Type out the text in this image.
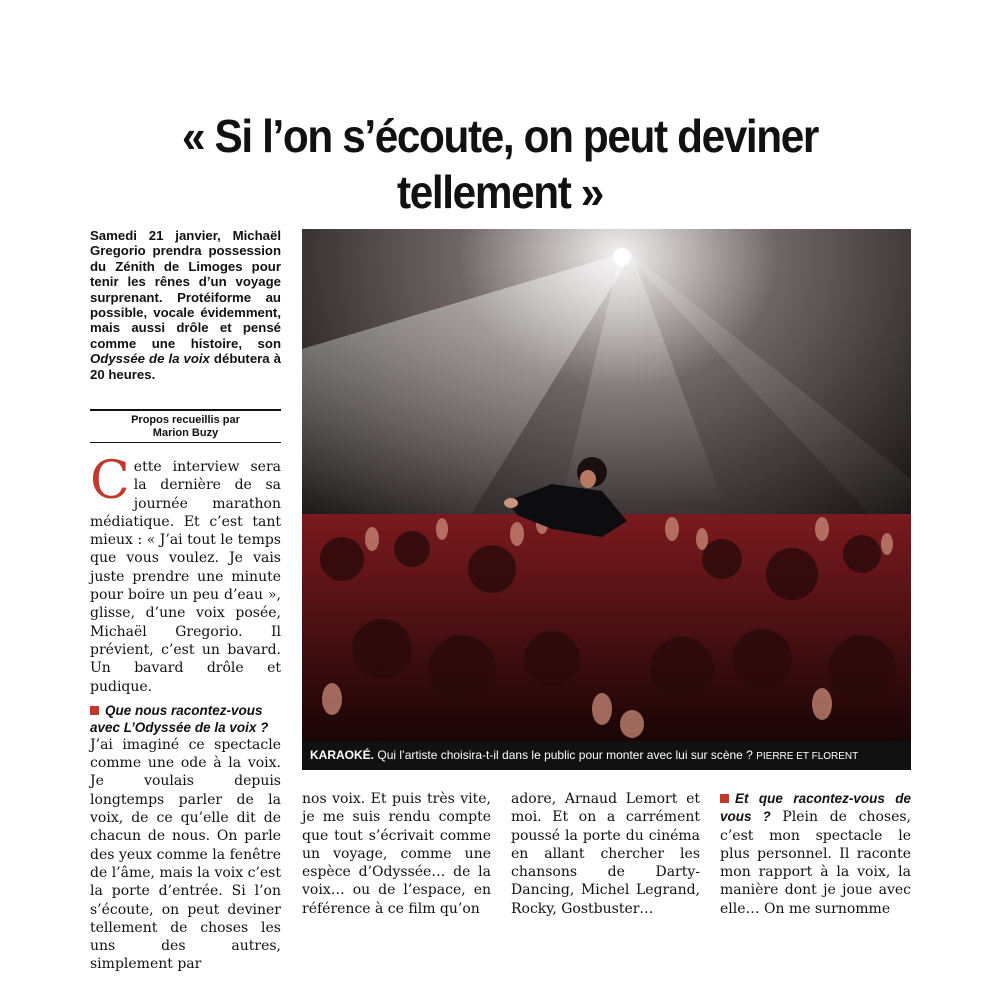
« Si l’on s’écoute, on peut deviner tellement »
Samedi 21 janvier, Michaël Gregorio prendra possession du Zénith de Limoges pour tenir les rênes d’un voyage surprenant. Protéiforme au possible, vocale évidemment, mais aussi drôle et pensé comme une histoire, son Odyssée de la voix débutera à 20 heures.
Propos recueillis par
Marion Buzy

Cette interview sera la dernière de sa journée marathon médiatique. Et c’est tant mieux : « J’ai tout le temps que vous voulez. Je vais juste prendre une minute pour boire un peu d’eau », glisse, d’une voix posée, Michaël Gregorio. Il prévient, c’est un bavard. Un bavard drôle et pudique.

Que nous racontez-vous avec L’Odyssée de la voix ?

J’ai imaginé ce spectacle comme une ode à la voix. Je voulais depuis longtemps parler de la voix, de ce qu’elle dit de chacun de nous. On parle des yeux comme la fenêtre de l’âme, mais la voix c’est la porte d’entrée. Si l’on s’écoute, on peut deviner tellement de choses les uns des autres, simplement par

KARAOKÉ. Qui l’artiste choisira-t-il dans le public pour monter avec lui sur scène ? PIERRE ET FLORENT

nos voix. Et puis très vite, je me suis rendu compte que tout s’écrivait comme un voyage, comme une espèce d’Odyssée… de la voix… ou de l’espace, en référence à ce film qu’on

adore, Arnaud Lemort et moi. Et on a carrément poussé la porte du cinéma en allant chercher les chansons de Darty-Dancing, Michel Legrand, Rocky, Gostbuster…

Et que racontez-vous de vous ? Plein de choses, c’est mon spectacle le plus personnel. Il raconte mon rapport à la voix, la manière dont je joue avec elle… On me surnomme
